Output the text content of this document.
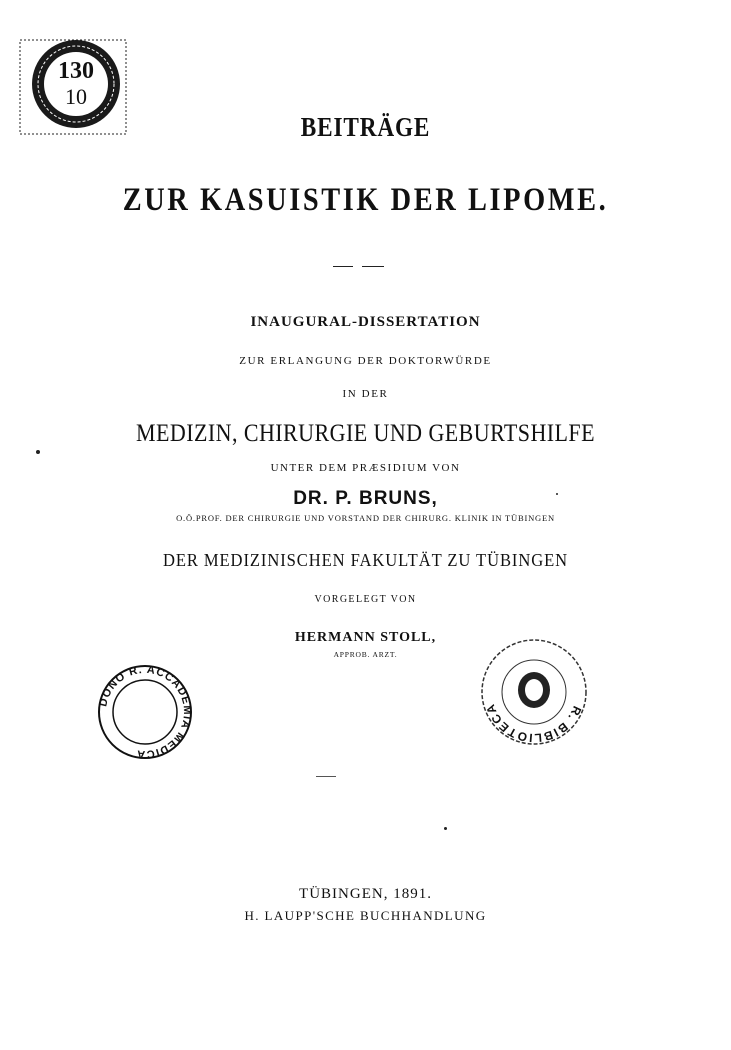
BEITRÄGE
ZUR KASUISTIK DER LIPOME.
INAUGURAL-DISSERTATION
ZUR ERLANGUNG DER DOKTORWÜRDE
IN DER
MEDIZIN, CHIRURGIE UND GEBURTSHILFE
UNTER DEM PRÆSIDIUM VON
DR. P. BRUNS,
O.Ö.PROF. DER CHIRURGIE UND VORSTAND DER CHIRURG. KLINIK IN TÜBINGEN
DER MEDIZINISCHEN FAKULTÄT ZU TÜBINGEN
VORGELEGT VON
HERMANN STOLL,
APPROB. ARZT.
TÜBINGEN, 1891.
H. LAUPP'SCHE BUCHHANDLUNG
130
10
DONO R. ACCADEMIA MEDICA
R. BIBLIOTECA
